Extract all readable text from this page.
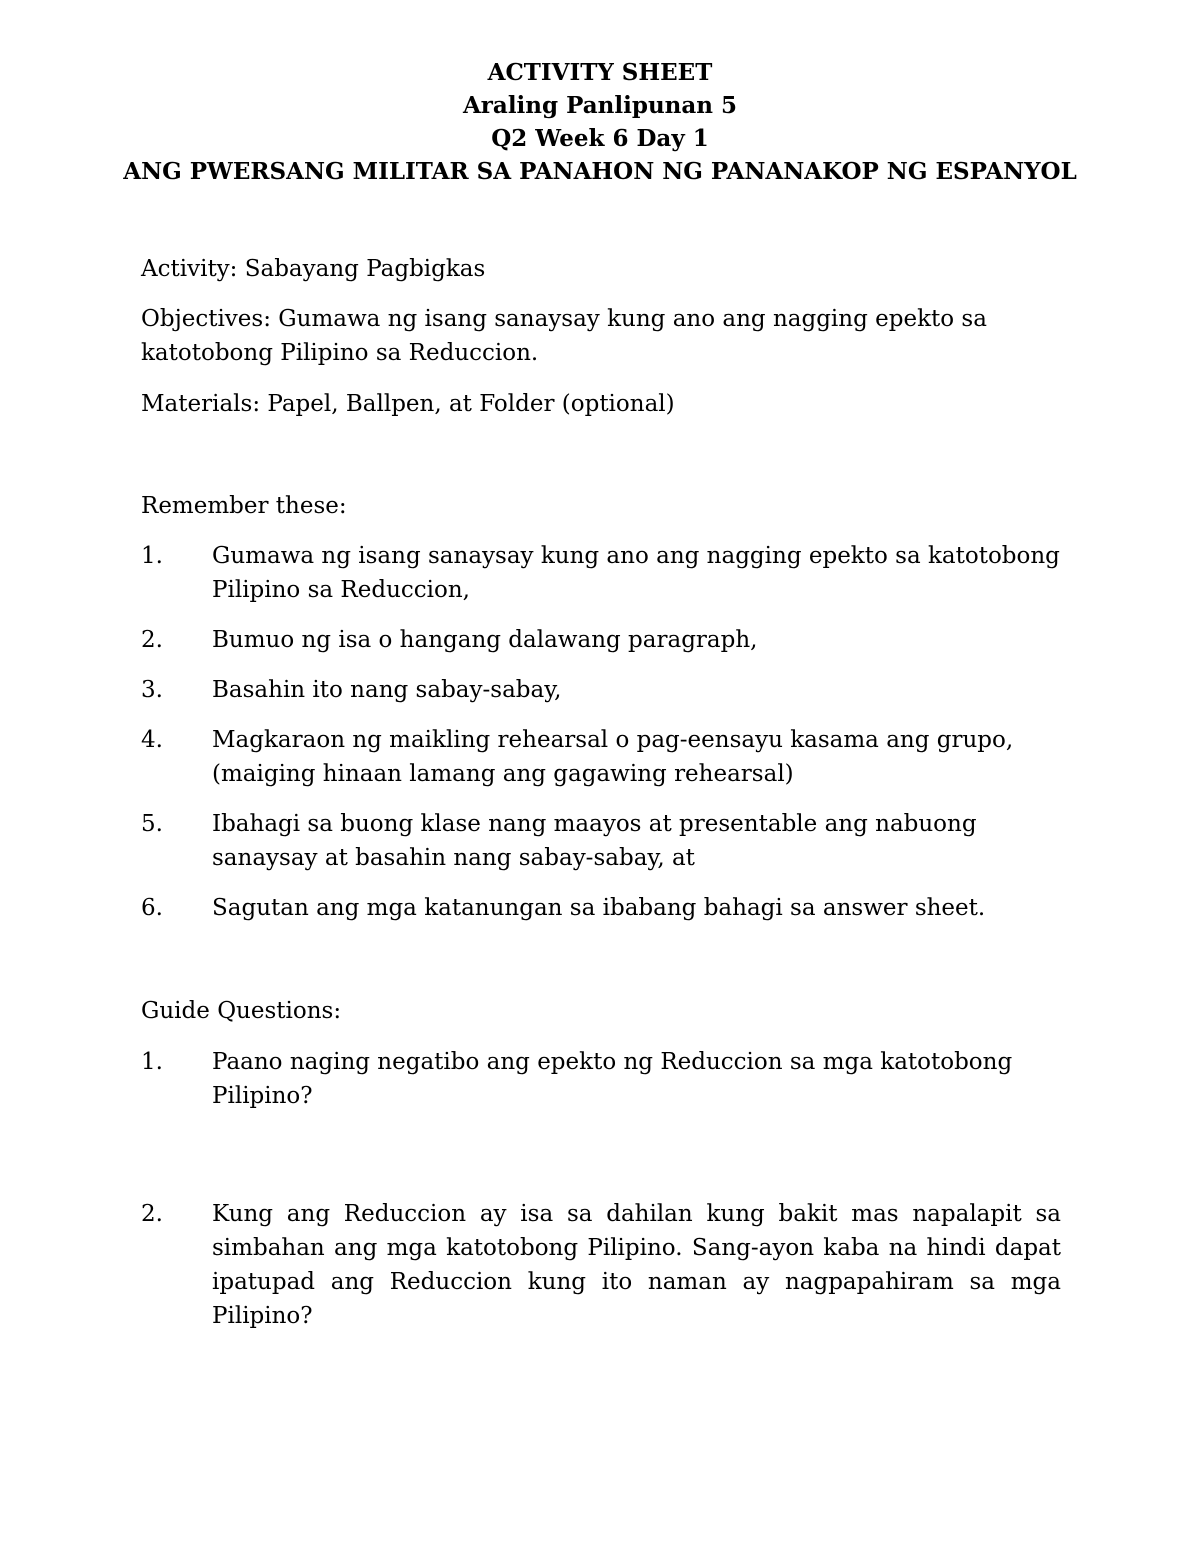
ACTIVITY SHEET
Araling Panlipunan 5
Q2 Week 6 Day 1
ANG PWERSANG MILITAR SA PANAHON NG PANANAKOP NG ESPANYOL
Activity: Sabayang Pagbigkas
Objectives: Gumawa ng isang sanaysay kung ano ang nagging epekto sa
katotobong Pilipino sa Reduccion.
Materials: Papel, Ballpen, at Folder (optional)
Remember these:
1. Gumawa ng isang sanaysay kung ano ang nagging epekto sa katotobong Pilipino sa Reduccion,
2. Bumuo ng isa o hangang dalawang paragraph,
3. Basahin ito nang sabay-sabay,
4. Magkaraon ng maikling rehearsal o pag-eensayu kasama ang grupo, (maiging hinaan lamang ang gagawing rehearsal)
5. Ibahagi sa buong klase nang maayos at presentable ang nabuong sanaysay at basahin nang sabay-sabay, at
6. Sagutan ang mga katanungan sa ibabang bahagi sa answer sheet.
Guide Questions:
1. Paano naging negatibo ang epekto ng Reduccion sa mga katotobong Pilipino?
2. Kung ang Reduccion ay isa sa dahilan kung bakit mas napalapit sa simbahan ang mga katotobong Pilipino. Sang-ayon kaba na hindi dapat ipatupad ang Reduccion kung ito naman ay nagpapahiram sa mga Pilipino?
